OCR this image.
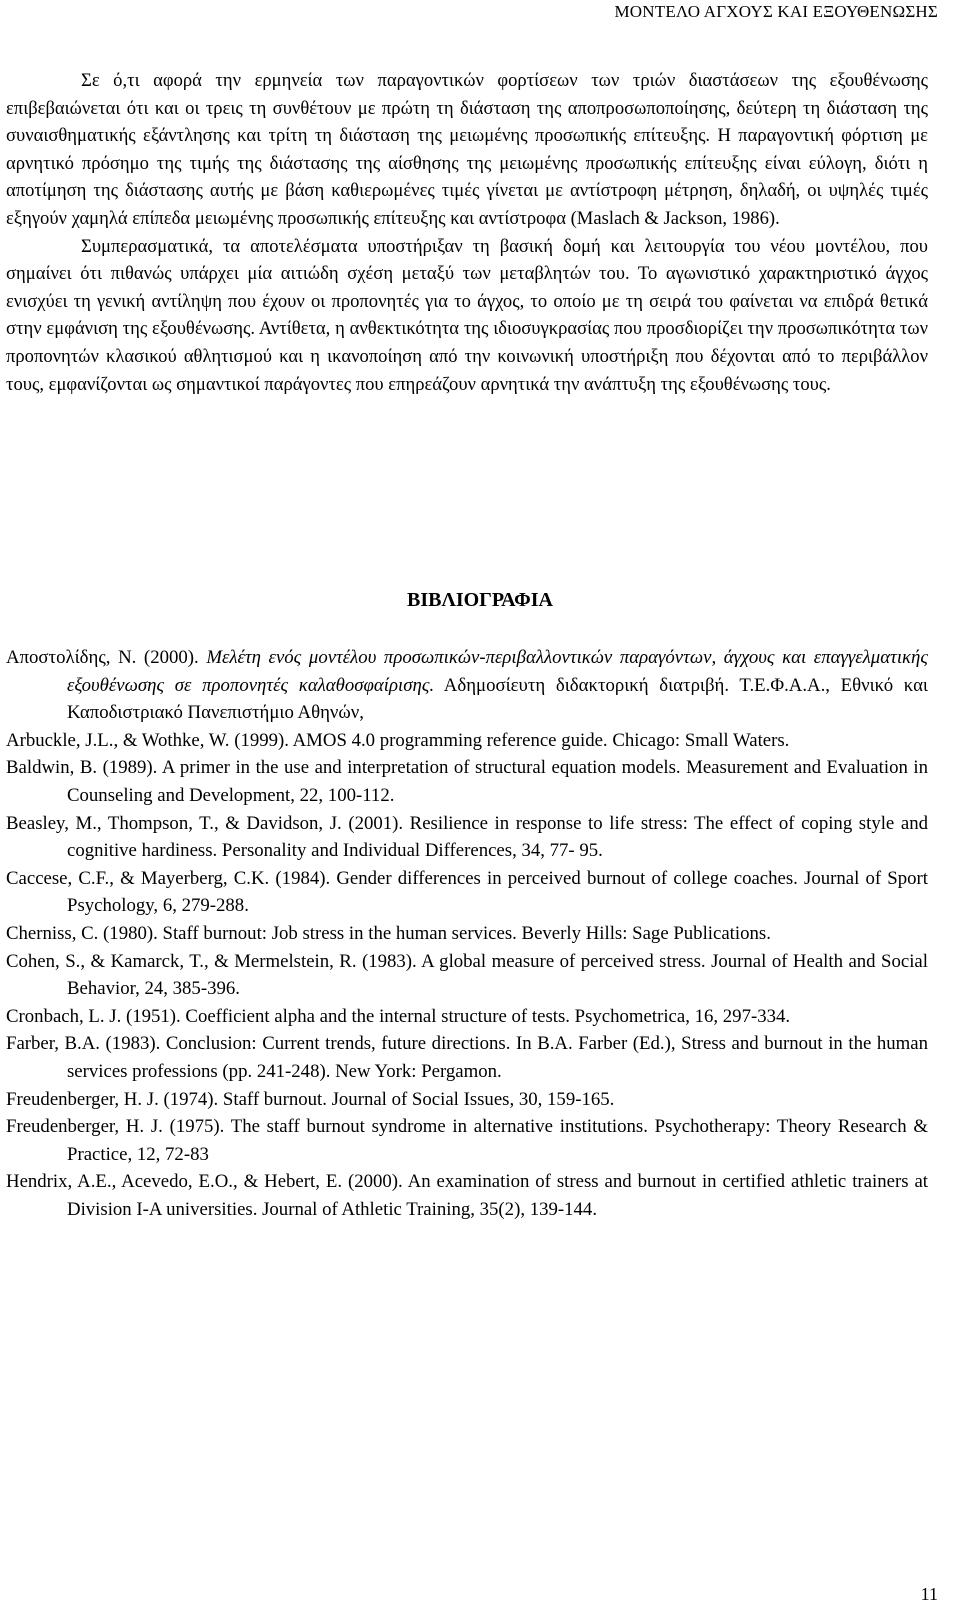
ΜΟΝΤΕΛΟ ΑΓΧΟΥΣ ΚΑΙ ΕΞΟΥΘΕΝΩΣΗΣ

Σε ό,τι αφορά την ερμηνεία των παραγοντικών φορτίσεων των τριών διαστάσεων της εξουθένωσης επιβεβαιώνεται ότι και οι τρεις τη συνθέτουν με πρώτη τη διάσταση της αποπροσωποποίησης, δεύτερη τη διάσταση της συναισθηματικής εξάντλησης και τρίτη τη διάσταση της μειωμένης προσωπικής επίτευξης. Η παραγοντική φόρτιση με αρνητικό πρόσημο της τιμής της διάστασης της αίσθησης της μειωμένης προσωπικής επίτευξης είναι εύλογη, διότι η αποτίμηση της διάστασης αυτής με βάση καθιερωμένες τιμές γίνεται με αντίστροφη μέτρηση, δηλαδή, οι υψηλές τιμές εξηγούν χαμηλά επίπεδα μειωμένης προσωπικής επίτευξης και αντίστροφα (Maslach & Jackson, 1986).

Συμπερασματικά, τα αποτελέσματα υποστήριξαν τη βασική δομή και λειτουργία του νέου μοντέλου, που σημαίνει ότι πιθανώς υπάρχει μία αιτιώδη σχέση μεταξύ των μεταβλητών του. Το αγωνιστικό χαρακτηριστικό άγχος ενισχύει τη γενική αντίληψη που έχουν οι προπονητές για το άγχος, το οποίο με τη σειρά του φαίνεται να επιδρά θετικά στην εμφάνιση της εξουθένωσης. Αντίθετα, η ανθεκτικότητα της ιδιοσυγκρασίας που προσδιορίζει την προσωπικότητα των προπονητών κλασικού αθλητισμού και η ικανοποίηση από την κοινωνική υποστήριξη που δέχονται από το περιβάλλον τους, εμφανίζονται ως σημαντικοί παράγοντες που επηρεάζουν αρνητικά την ανάπτυξη της εξουθένωσης τους.

ΒΙΒΛΙΟΓΡΑΦΙΑ

Αποστολίδης, Ν. (2000). Μελέτη ενός μοντέλου προσωπικών-περιβαλλοντικών παραγόντων, άγχους και επαγγελματικής εξουθένωσης σε προπονητές καλαθοσφαίρισης. Αδημοσίευτη διδακτορική διατριβή. Τ.Ε.Φ.Α.Α., Εθνικό και Καποδιστριακό Πανεπιστήμιο Αθηνών,

Arbuckle, J.L., & Wothke, W. (1999). AMOS 4.0 programming reference guide. Chicago: Small Waters.

Baldwin, B. (1989). A primer in the use and interpretation of structural equation models. Measurement and Evaluation in Counseling and Development, 22, 100-112.

Beasley, M., Thompson, T., & Davidson, J. (2001). Resilience in response to life stress: The effect of coping style and cognitive hardiness. Personality and Individual Differences, 34, 77- 95.

Caccese, C.F., & Mayerberg, C.K. (1984). Gender differences in perceived burnout of college coaches. Journal of Sport Psychology, 6, 279-288.

Cherniss, C. (1980). Staff burnout: Job stress in the human services. Beverly Hills: Sage Publications.

Cohen, S., & Kamarck, T., & Mermelstein, R. (1983). A global measure of perceived stress. Journal of Health and Social Behavior, 24, 385-396.

Cronbach, L. J. (1951). Coefficient alpha and the internal structure of tests. Psychometrica, 16, 297-334.

Farber, B.A. (1983). Conclusion: Current trends, future directions. In B.A. Farber (Ed.), Stress and burnout in the human services professions (pp. 241-248). New York: Pergamon.

Freudenberger, H. J. (1974). Staff burnout. Journal of Social Issues, 30, 159-165.

Freudenberger, H. J. (1975). The staff burnout syndrome in alternative institutions. Psychotherapy: Theory Research & Practice, 12, 72-83

Hendrix, A.E., Acevedo, E.O., & Hebert, E. (2000). An examination of stress and burnout in certified athletic trainers at Division I-A universities. Journal of Athletic Training, 35(2), 139-144.

11
